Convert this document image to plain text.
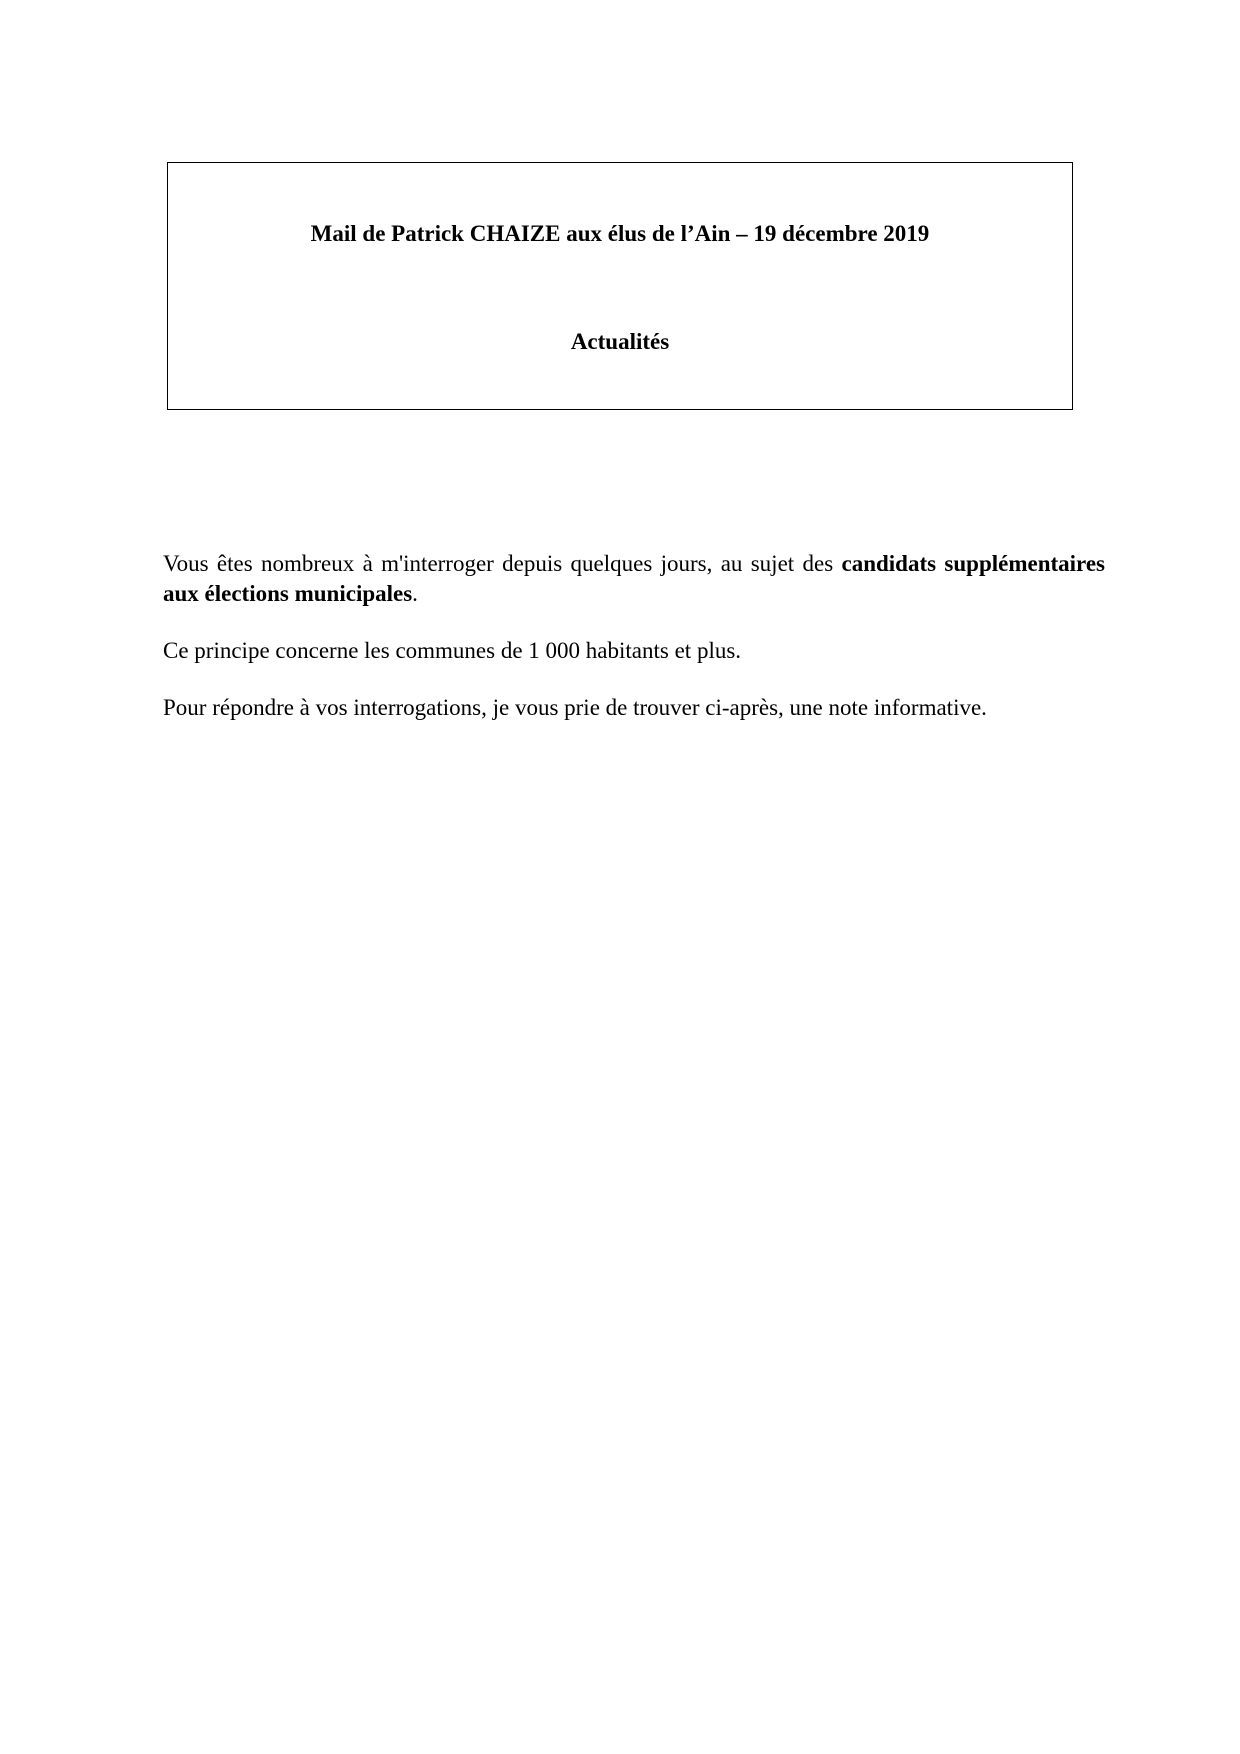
Mail de Patrick CHAIZE aux élus de l’Ain – 19 décembre 2019
Actualités

Vous êtes nombreux à m'interroger depuis quelques jours, au sujet des candidats supplémentaires aux élections municipales.

Ce principe concerne les communes de 1 000 habitants et plus.

Pour répondre à vos interrogations, je vous prie de trouver ci-après, une note informative.
